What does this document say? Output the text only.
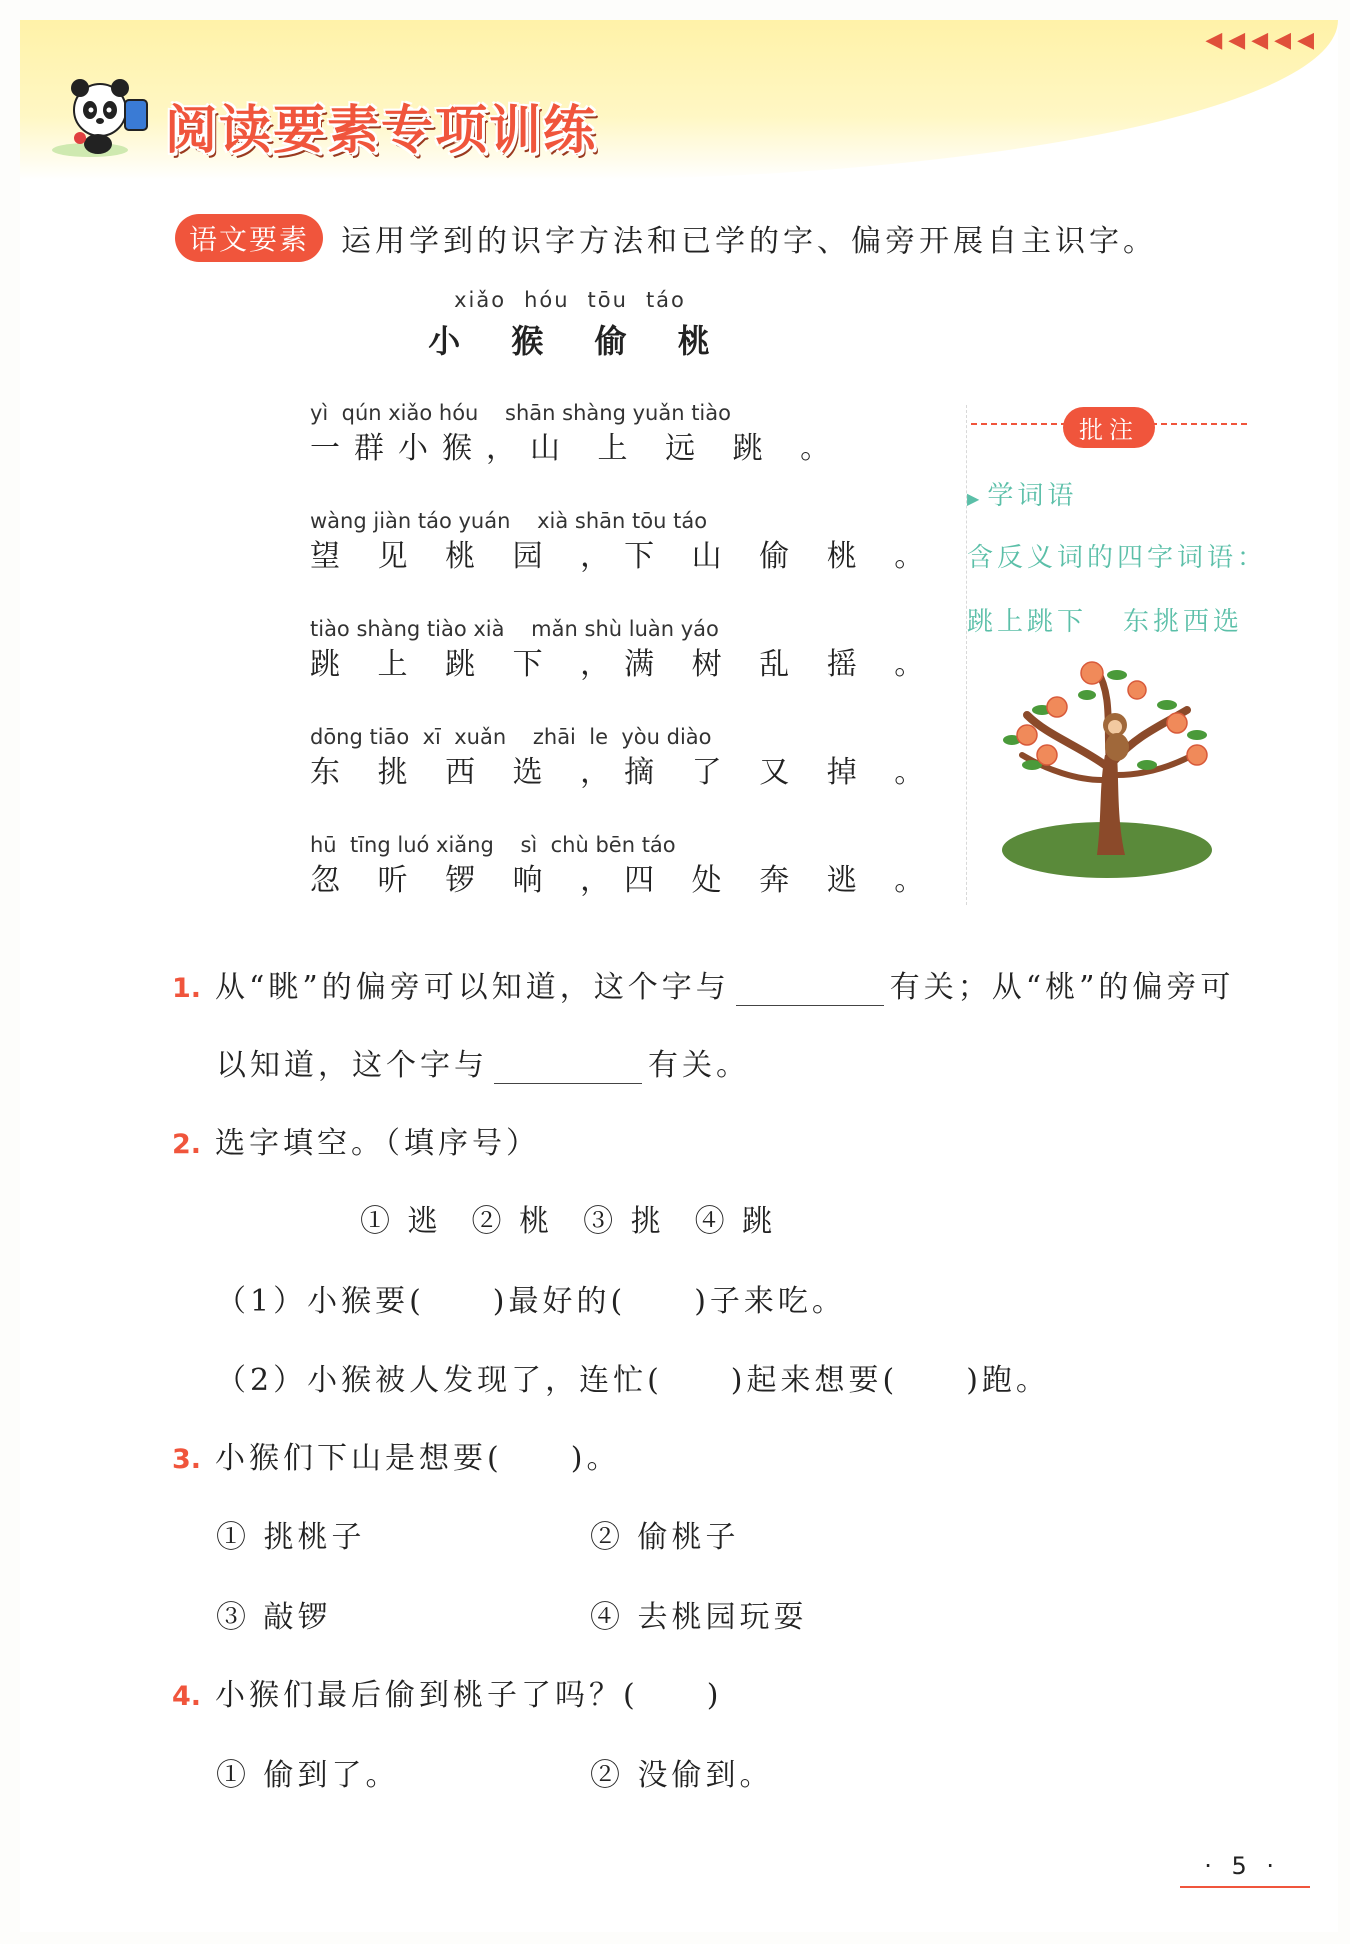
◀◀◀◀◀
阅读要素专项训练
语文要素	运用学到的识字方法和已学的字、偏旁开展自主识字。
xiǎo hóu tōu táo
小 猴 偷 桃
yì  qún xiǎo hóu    shān shàng yuǎn tiào
一群小猴，山 上 远 跳 。
wàng jiàn táo yuán    xià shān tōu táo
望 见 桃 园 ，下 山 偷 桃 。
tiào shàng tiào xià    mǎn shù luàn yáo
跳 上 跳 下 ，满 树 乱 摇 。
dōng tiāo  xī  xuǎn    zhāi  le  yòu diào
东 挑 西 选 ，摘 了 又 掉 。
hū  tīng luó xiǎng    sì  chù bēn táo
忽 听 锣 响 ，四 处 奔 逃 。
批注
▶ 学词语
含反义词的四字词语：
跳上跳下 东挑西选
1. 从“眺”的偏旁可以知道，这个字与	有关；从“桃”的偏旁可
以知道，这个字与	有关。
2. 选字填空。（填序号）
① 逃 ② 桃 ③ 挑 ④ 跳
（1）小猴要(　　)最好的(　　)子来吃。
（2）小猴被人发现了，连忙(　　)起来想要(　　)跑。
3. 小猴们下山是想要(　　)。
① 挑桃子	② 偷桃子
③ 敲锣	④ 去桃园玩耍
4. 小猴们最后偷到桃子了吗？(　　)
① 偷到了。	② 没偷到。
· 5 ·
